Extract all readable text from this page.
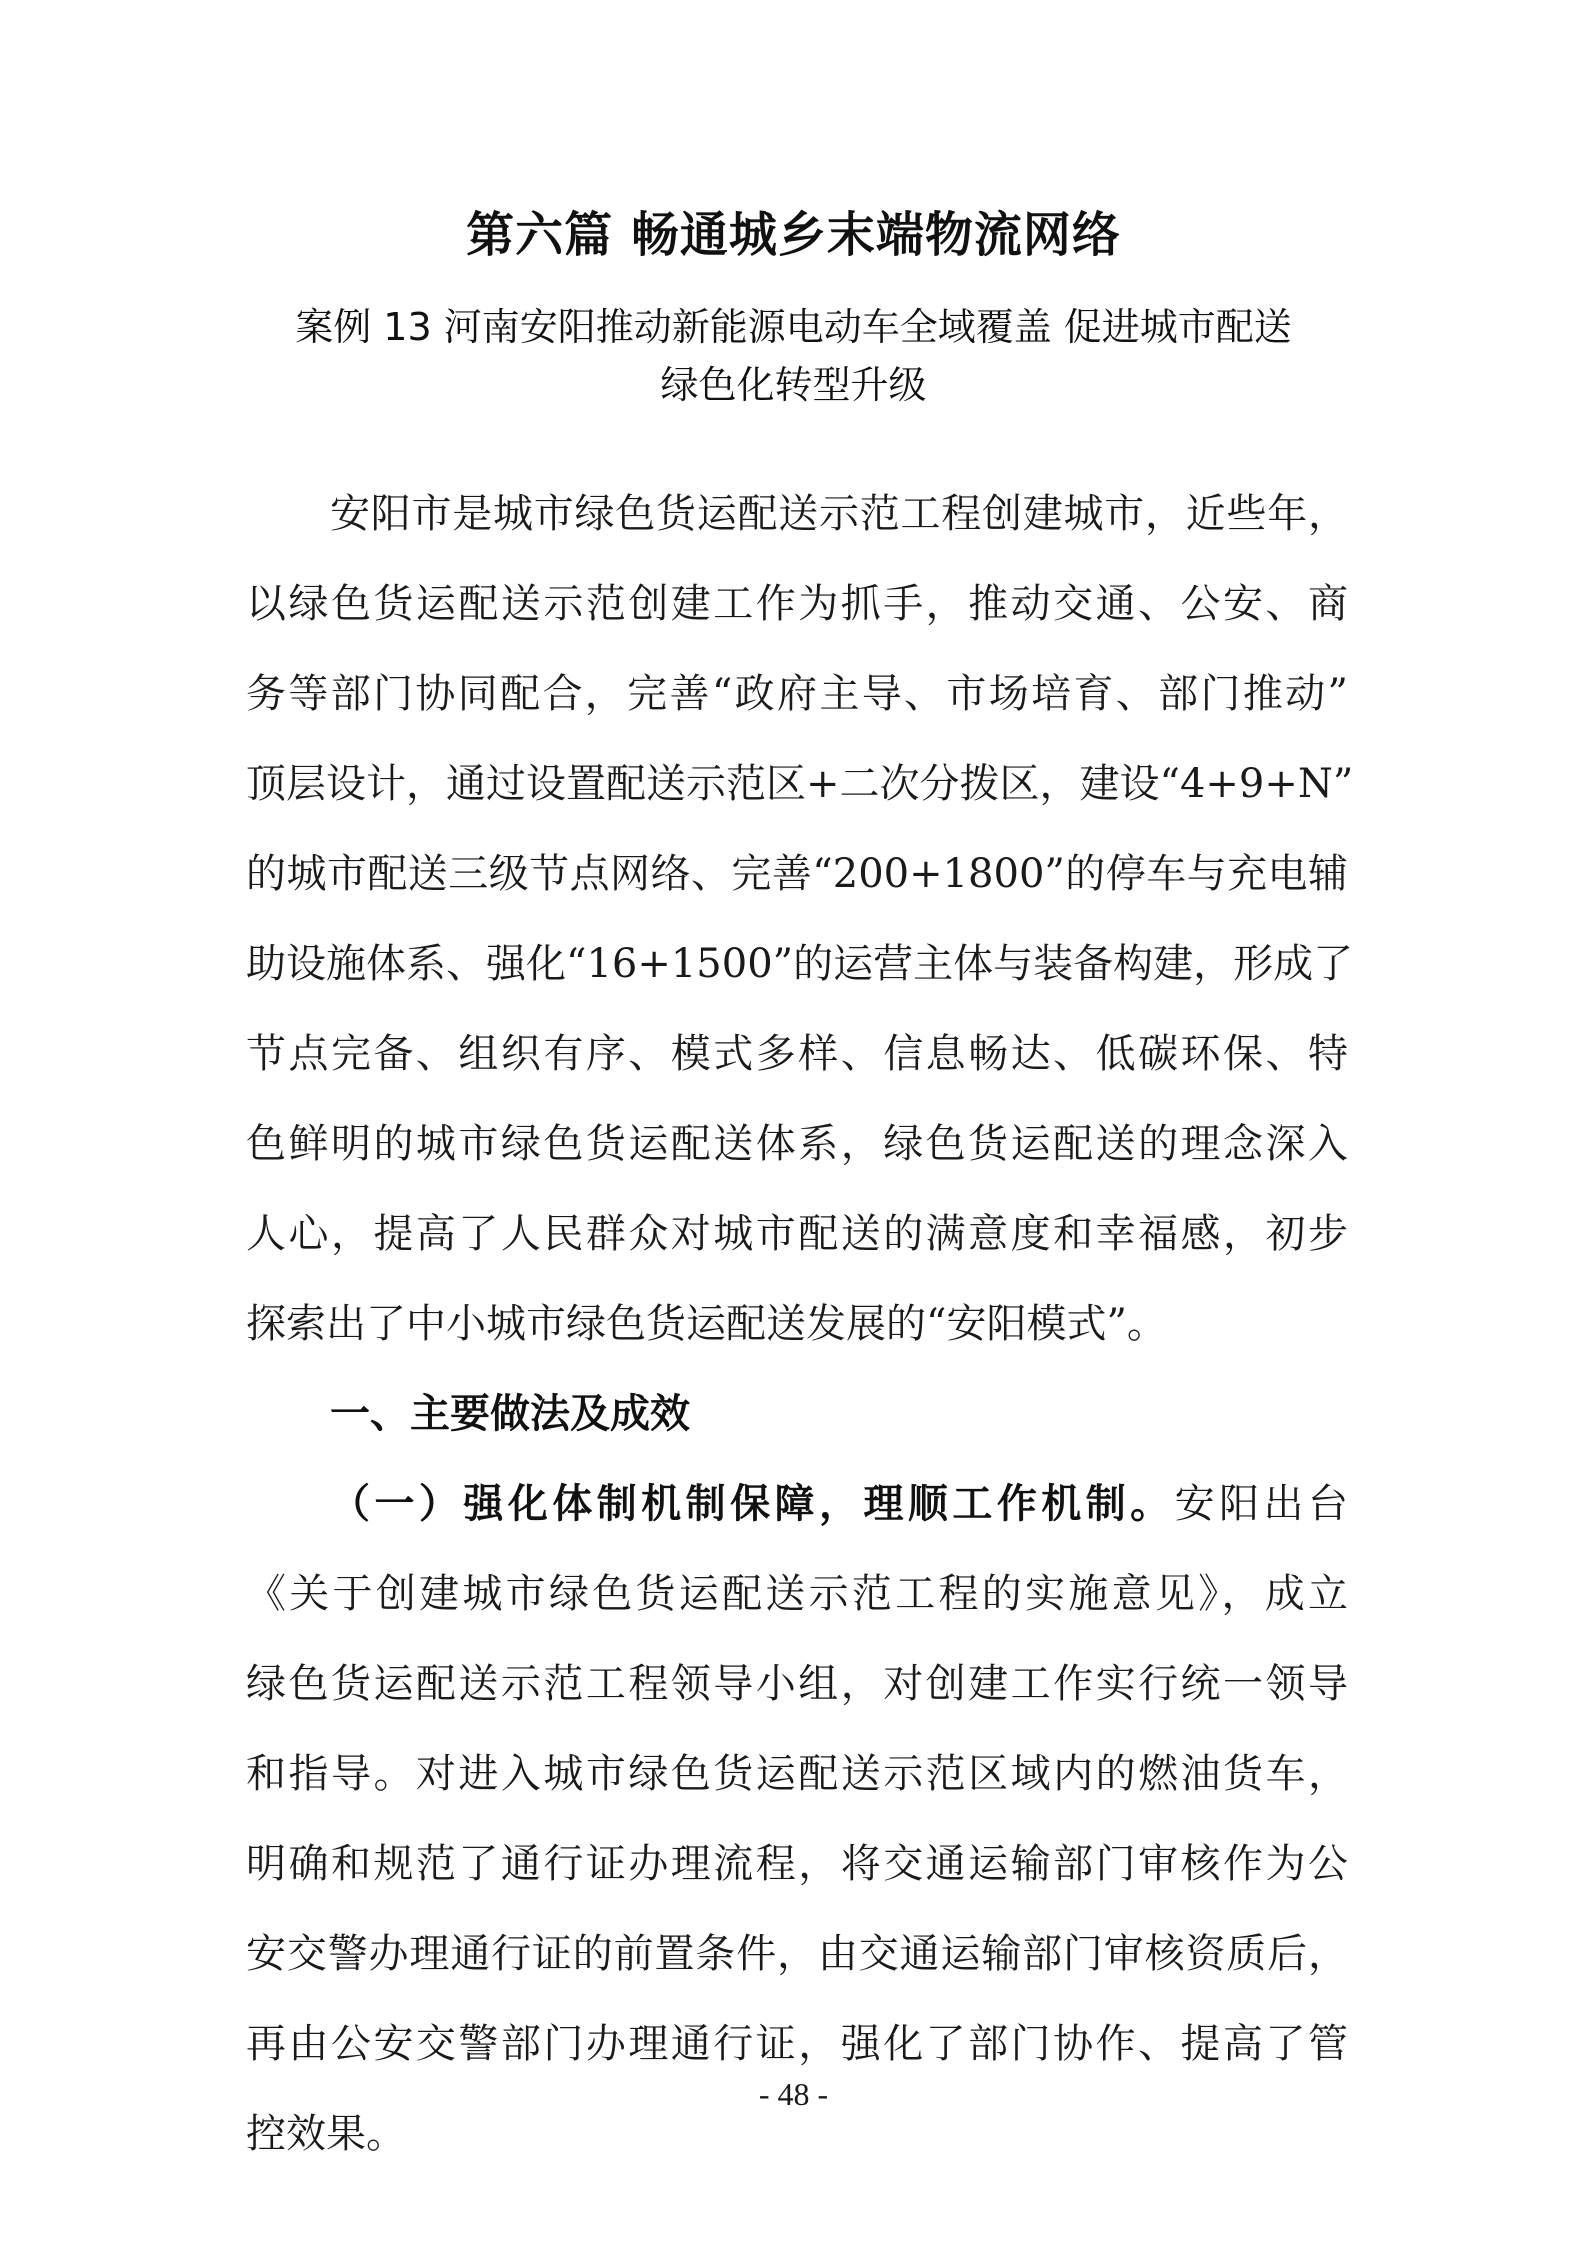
第六篇 畅通城乡末端物流网络
案例 13 河南安阳推动新能源电动车全域覆盖 促进城市配送
绿色化转型升级
安阳市是城市绿色货运配送示范工程创建城市，近些年，
以绿色货运配送示范创建工作为抓手，推动交通、公安、商
务等部门协同配合，完善“政府主导、市场培育、部门推动”
顶层设计，通过设置配送示范区+二次分拨区，建设“4+9+N”
的城市配送三级节点网络、完善“200+1800”的停车与充电辅
助设施体系、强化“16+1500”的运营主体与装备构建，形成了
节点完备、组织有序、模式多样、信息畅达、低碳环保、特
色鲜明的城市绿色货运配送体系，绿色货运配送的理念深入
人心，提高了人民群众对城市配送的满意度和幸福感，初步
探索出了中小城市绿色货运配送发展的“安阳模式”。
一、主要做法及成效
（一）强化体制机制保障，理顺工作机制。安阳出台
《关于创建城市绿色货运配送示范工程的实施意见》，成立
绿色货运配送示范工程领导小组，对创建工作实行统一领导
和指导。对进入城市绿色货运配送示范区域内的燃油货车，
明确和规范了通行证办理流程，将交通运输部门审核作为公
安交警办理通行证的前置条件，由交通运输部门审核资质后，
再由公安交警部门办理通行证，强化了部门协作、提高了管
控效果。
- 48 -
